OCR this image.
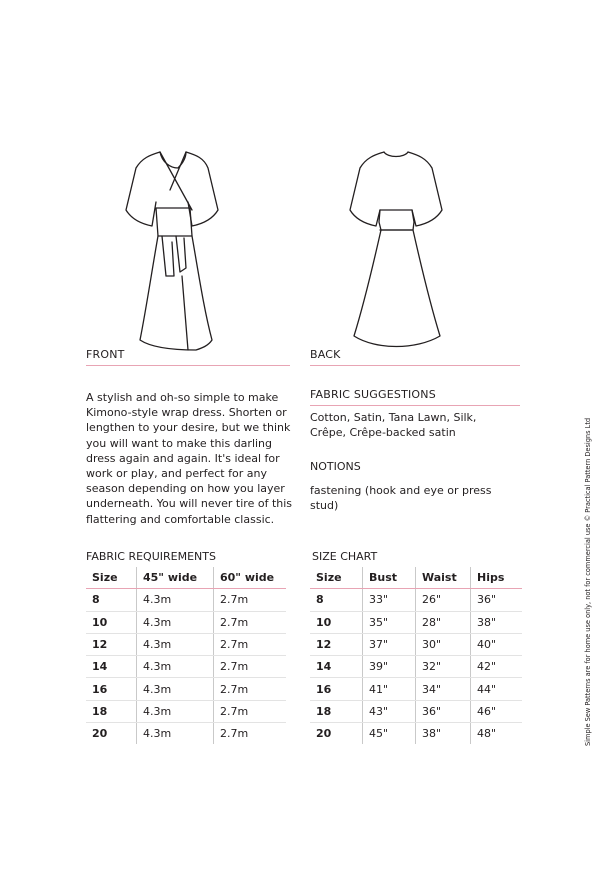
FRONT	BACK
A stylish and oh-so simple to make
Kimono-style wrap dress. Shorten or
lengthen to your desire, but we think
you will want to make this darling
dress again and again. It's ideal for
work or play, and perfect for any
season depending on how you layer
underneath. You will never tire of this
flattering and comfortable classic.
FABRIC SUGGESTIONS
Cotton, Satin, Tana Lawn, Silk,
Crêpe, Crêpe-backed satin
NOTIONS
fastening (hook and eye or press stud)
FABRIC REQUIREMENTS
Size	45" wide	60" wide
8	4.3m	2.7m
10	4.3m	2.7m
12	4.3m	2.7m
14	4.3m	2.7m
16	4.3m	2.7m
18	4.3m	2.7m
20	4.3m	2.7m
SIZE CHART
Size	Bust	Waist	Hips
8	33"	26"	36"
10	35"	28"	38"
12	37"	30"	40"
14	39"	32"	42"
16	41"	34"	44"
18	43"	36"	46"
20	45"	38"	48"	Simple Sew Patterns are for home use only, not for commercial use © Practical Pattern Designs Ltd
